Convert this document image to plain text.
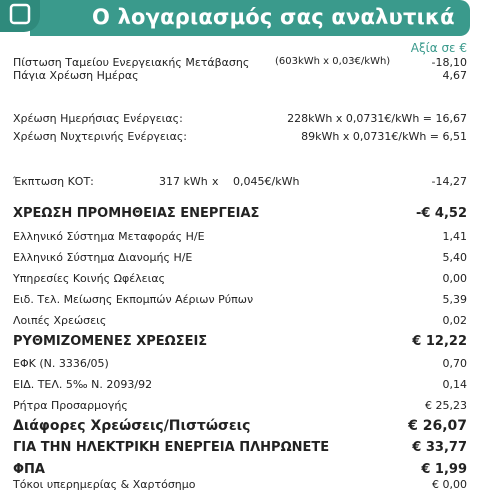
Ο λογαριασμός σας αναλυτικά
Αξία σε €
Πίστωση Ταμείου Ενεργειακής Μετάβασης	(603kWh x 0,03€/kWh)	-18,10
Πάγια Χρέωση Ημέρας	4,67
Χρέωση Ημερήσιας Ενέργειας:	228kWh x 0,0731€/kWh = 16,67
Χρέωση Νυχτερινής Ενέργειας:	89kWh x 0,0731€/kWh = 6,51
Έκπτωση ΚΟΤ:	317 kWh x 0,045€/kWh	-14,27
ΧΡΕΩΣΗ ΠΡΟΜΗΘΕΙΑΣ ΕΝΕΡΓΕΙΑΣ	-€ 4,52
Ελληνικό Σύστημα Μεταφοράς Η/Ε	1,41
Ελληνικό Σύστημα Διανομής Η/Ε	5,40
Υπηρεσίες Κοινής Ωφέλειας	0,00
Ειδ. Τελ. Μείωσης Εκπομπών Αέριων Ρύπων	5,39
Λοιπές Χρεώσεις	0,02
ΡΥΘΜΙΖΟΜΕΝΕΣ ΧΡΕΩΣΕΙΣ	€ 12,22
ΕΦΚ (Ν. 3336/05)	0,70
ΕΙΔ. ΤΕΛ. 5‰ Ν. 2093/92	0,14
Ρήτρα Προσαρμογής	€ 25,23
Διάφορες Χρεώσεις/Πιστώσεις	€ 26,07
ΓΙΑ ΤΗΝ ΗΛΕΚΤΡΙΚΗ ΕΝΕΡΓΕΙΑ ΠΛΗΡΩΝΕΤΕ	€ 33,77
ΦΠΑ	€ 1,99
Τόκοι υπερημερίας & Χαρτόσημο	€ 0,00
